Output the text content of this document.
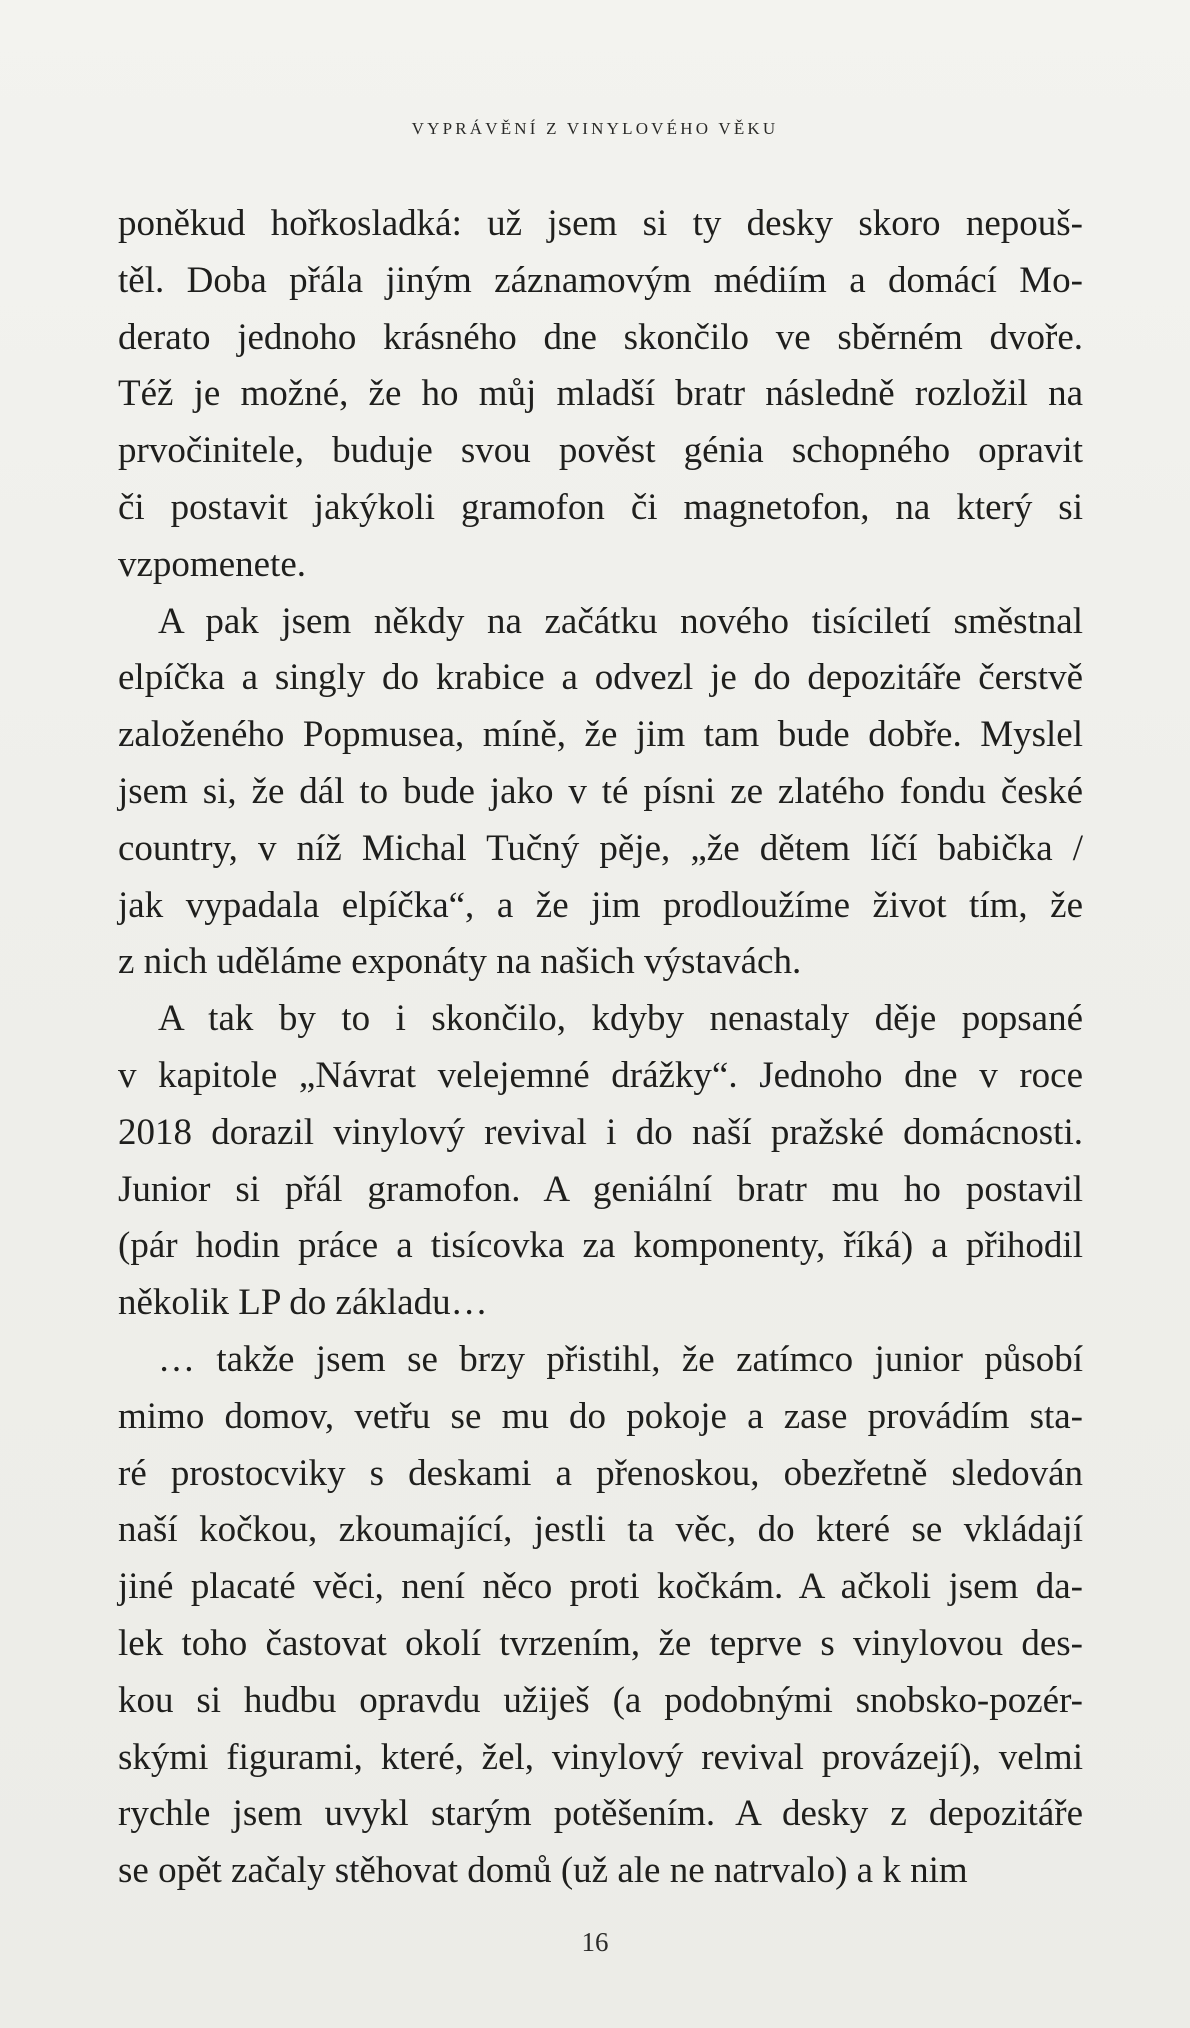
VYPRÁVĚNÍ Z VINYLOVÉHO VĚKU
poněkud hořkosladká: už jsem si ty desky skoro nepouš-
těl. Doba přála jiným záznamovým médiím a domácí Mo-
derato jednoho krásného dne skončilo ve sběrném dvoře.
Též je možné, že ho můj mladší bratr následně rozložil na
prvočinitele, buduje svou pověst génia schopného opravit
či postavit jakýkoli gramofon či magnetofon, na který si
vzpomenete.
A pak jsem někdy na začátku nového tisíciletí směstnal
elpíčka a singly do krabice a odvezl je do depozitáře čerstvě
založeného Popmusea, míně, že jim tam bude dobře. Myslel
jsem si, že dál to bude jako v té písni ze zlatého fondu české
country, v níž Michal Tučný pěje, „že dětem líčí babička /
jak vypadala elpíčka“, a že jim prodloužíme život tím, že
z nich uděláme exponáty na našich výstavách.
A tak by to i skončilo, kdyby nenastaly děje popsané
v kapitole „Návrat velejemné drážky“. Jednoho dne v roce
2018 dorazil vinylový revival i do naší pražské domácnosti.
Junior si přál gramofon. A geniální bratr mu ho postavil
(pár hodin práce a tisícovka za komponenty, říká) a přihodil
několik LP do základu…
… takže jsem se brzy přistihl, že zatímco junior působí
mimo domov, vetřu se mu do pokoje a zase provádím sta-
ré prostocviky s deskami a přenoskou, obezřetně sledován
naší kočkou, zkoumající, jestli ta věc, do které se vkládají
jiné placaté věci, není něco proti kočkám. A ačkoli jsem da-
lek toho častovat okolí tvrzením, že teprve s vinylovou des-
kou si hudbu opravdu užiješ (a podobnými snobsko-pozér-
skými figurami, které, žel, vinylový revival provázejí), velmi
rychle jsem uvykl starým potěšením. A desky z depozitáře
se opět začaly stěhovat domů (už ale ne natrvalo) a k nim
16
